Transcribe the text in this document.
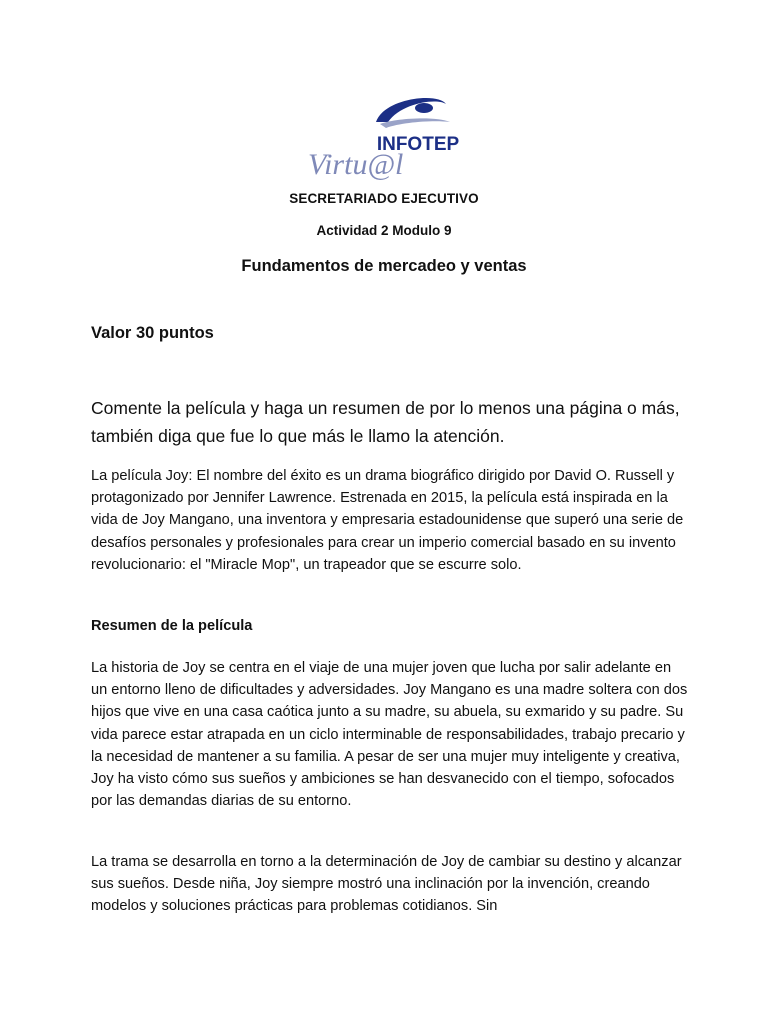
INFOTEP
Virtu@l
SECRETARIADO EJECUTIVO
Actividad 2 Modulo 9
Fundamentos de mercadeo y ventas
Valor 30 puntos
Comente la película y haga un resumen de por lo menos una página o más, también diga que fue lo que más le llamo la atención.

La película Joy: El nombre del éxito es un drama biográfico dirigido por David O. Russell y protagonizado por Jennifer Lawrence. Estrenada en 2015, la película está inspirada en la vida de Joy Mangano, una inventora y empresaria estadounidense que superó una serie de desafíos personales y profesionales para crear un imperio comercial basado en su invento revolucionario: el "Miracle Mop", un trapeador que se escurre solo.

Resumen de la película

La historia de Joy se centra en el viaje de una mujer joven que lucha por salir adelante en un entorno lleno de dificultades y adversidades. Joy Mangano es una madre soltera con dos hijos que vive en una casa caótica junto a su madre, su abuela, su exmarido y su padre. Su vida parece estar atrapada en un ciclo interminable de responsabilidades, trabajo precario y la necesidad de mantener a su familia. A pesar de ser una mujer muy inteligente y creativa, Joy ha visto cómo sus sueños y ambiciones se han desvanecido con el tiempo, sofocados por las demandas diarias de su entorno.

La trama se desarrolla en torno a la determinación de Joy de cambiar su destino y alcanzar sus sueños. Desde niña, Joy siempre mostró una inclinación por la invención, creando modelos y soluciones prácticas para problemas cotidianos. Sin
